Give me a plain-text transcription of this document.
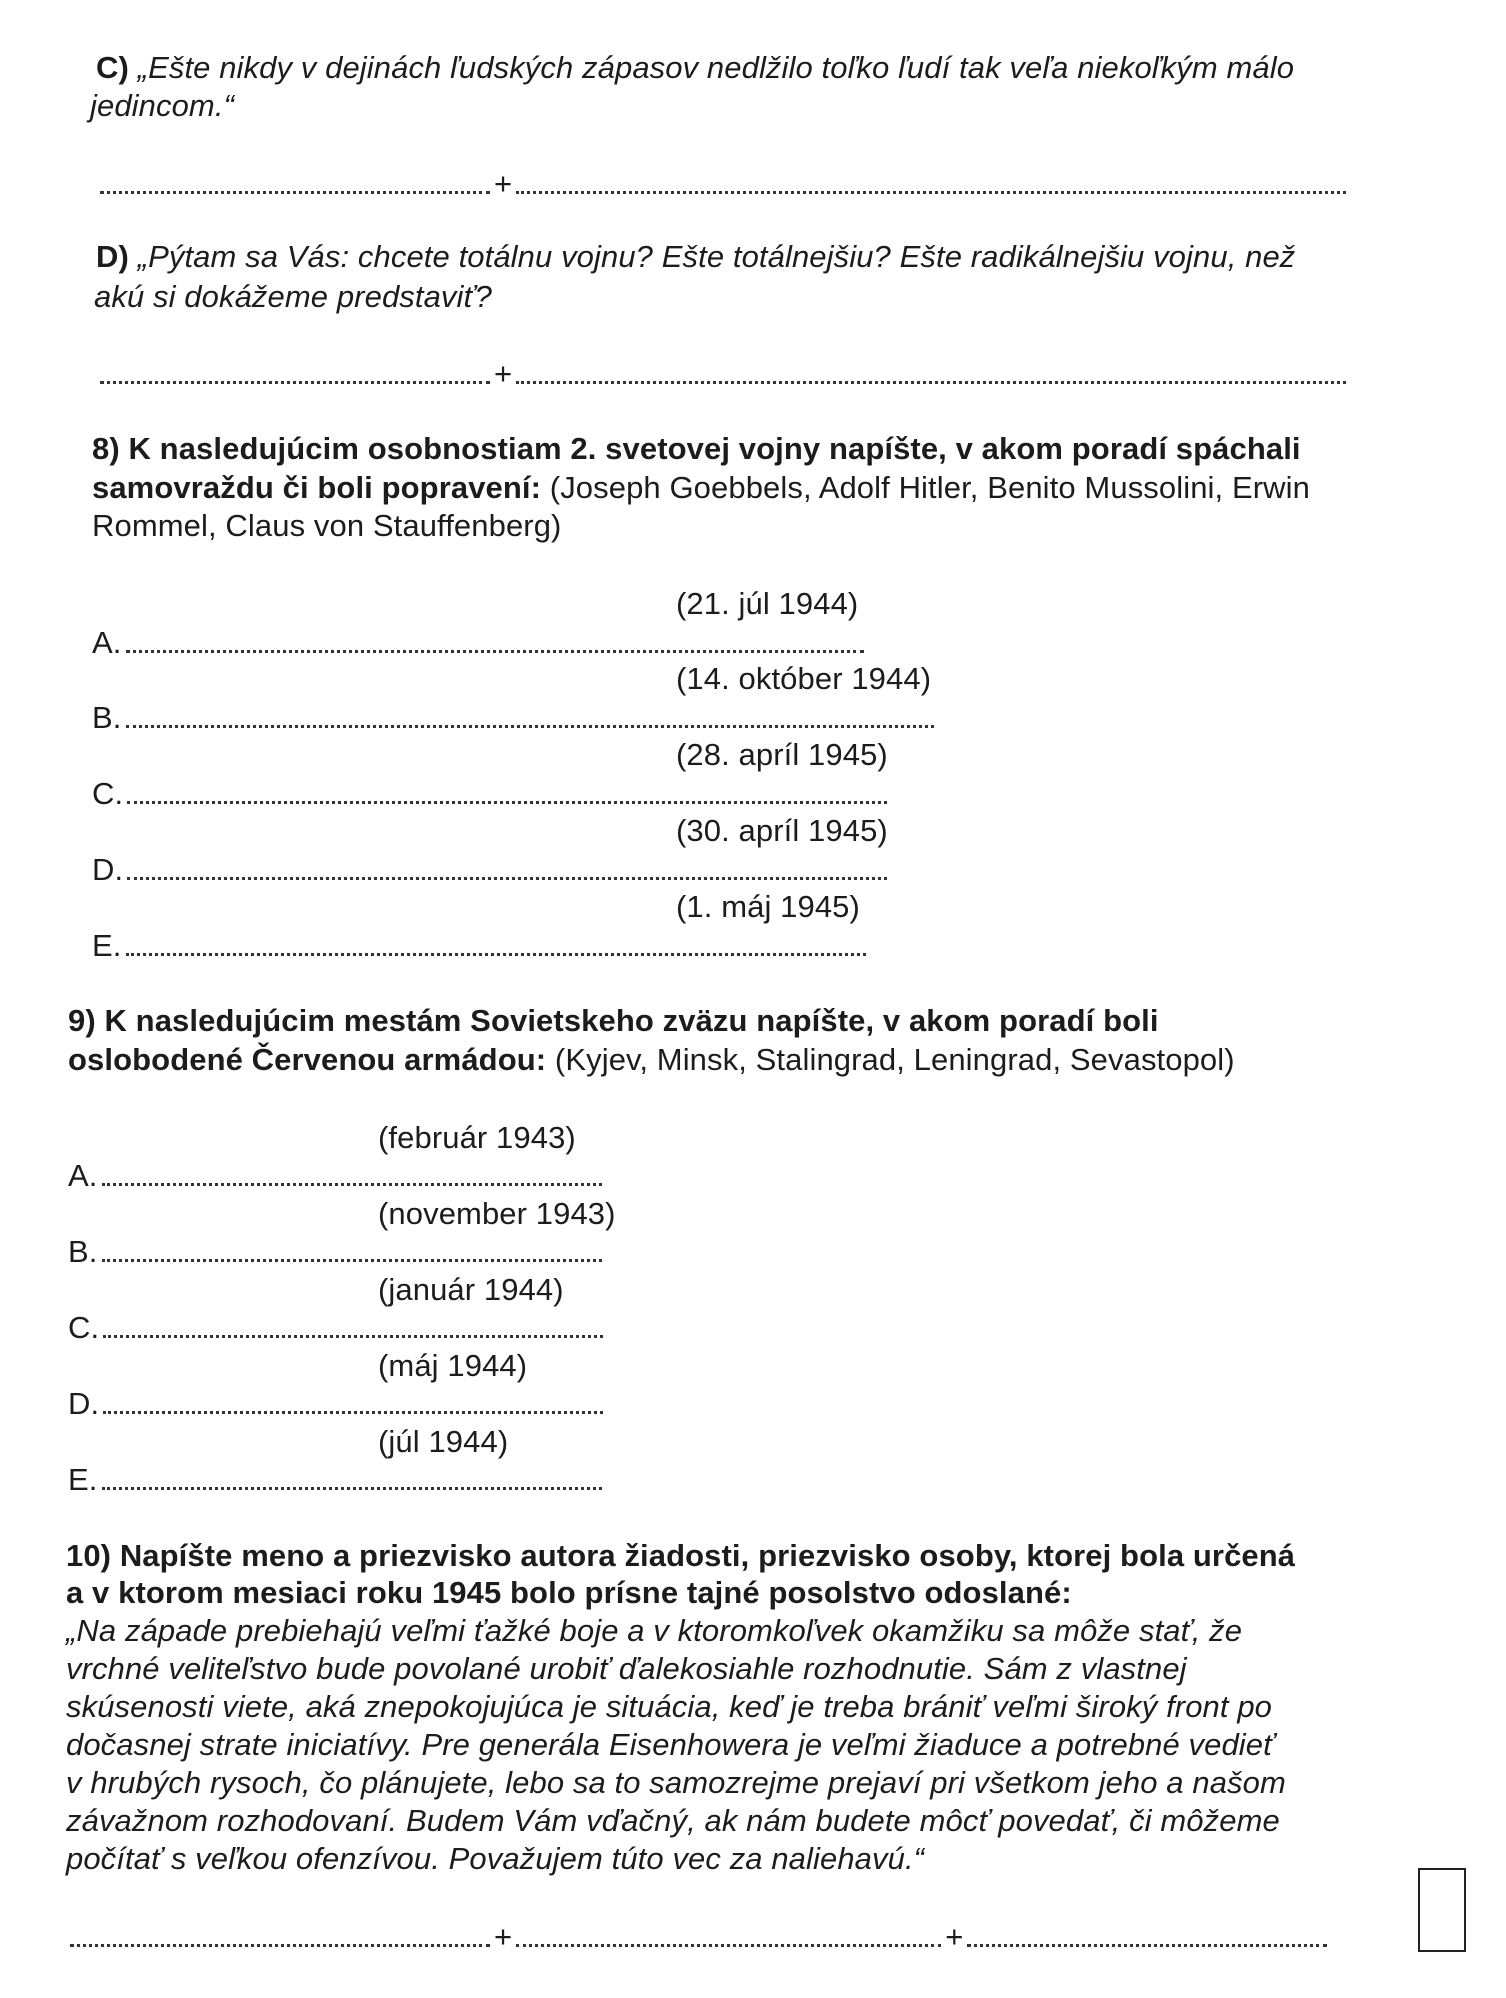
C) „Ešte nikdy v dejinách ľudských zápasov nedlžilo toľko ľudí tak veľa niekoľkým málo
jedincom.“
+
D) „Pýtam sa Vás: chcete totálnu vojnu? Ešte totálnejšiu? Ešte radikálnejšiu vojnu, než
akú si dokážeme predstaviť?
+
8) K nasledujúcim osobnostiam 2. svetovej vojny napíšte, v akom poradí spáchali
samovraždu či boli popravení: (Joseph Goebbels, Adolf Hitler, Benito Mussolini, Erwin
Rommel, Claus von Stauffenberg)
(21. júl 1944)
A.
(14. október 1944)
B.
(28. apríl 1945)
C.
(30. apríl 1945)
D.
(1. máj 1945)
E.
9) K nasledujúcim mestám Sovietskeho zväzu napíšte, v akom poradí boli
oslobodené Červenou armádou: (Kyjev, Minsk, Stalingrad, Leningrad, Sevastopol)
(február 1943)
A.
(november 1943)
B.
(január 1944)
C.
(máj 1944)
D.
(júl 1944)
E.
10) Napíšte meno a priezvisko autora žiadosti, priezvisko osoby, ktorej bola určená
a v ktorom mesiaci roku 1945 bolo prísne tajné posolstvo odoslané:
„Na západe prebiehajú veľmi ťažké boje a v ktoromkoľvek okamžiku sa môže stať, že
vrchné veliteľstvo bude povolané urobiť ďalekosiahle rozhodnutie. Sám z vlastnej
skúsenosti viete, aká znepokojujúca je situácia, keď je treba brániť veľmi široký front po
dočasnej strate iniciatívy. Pre generála Eisenhowera je veľmi žiaduce a potrebné vedieť
v hrubých rysoch, čo plánujete, lebo sa to samozrejme prejaví pri všetkom jeho a našom
závažnom rozhodovaní. Budem Vám vďačný, ak nám budete môcť povedať, či môžeme
počítať s veľkou ofenzívou. Považujem túto vec za naliehavú.“
+	+
